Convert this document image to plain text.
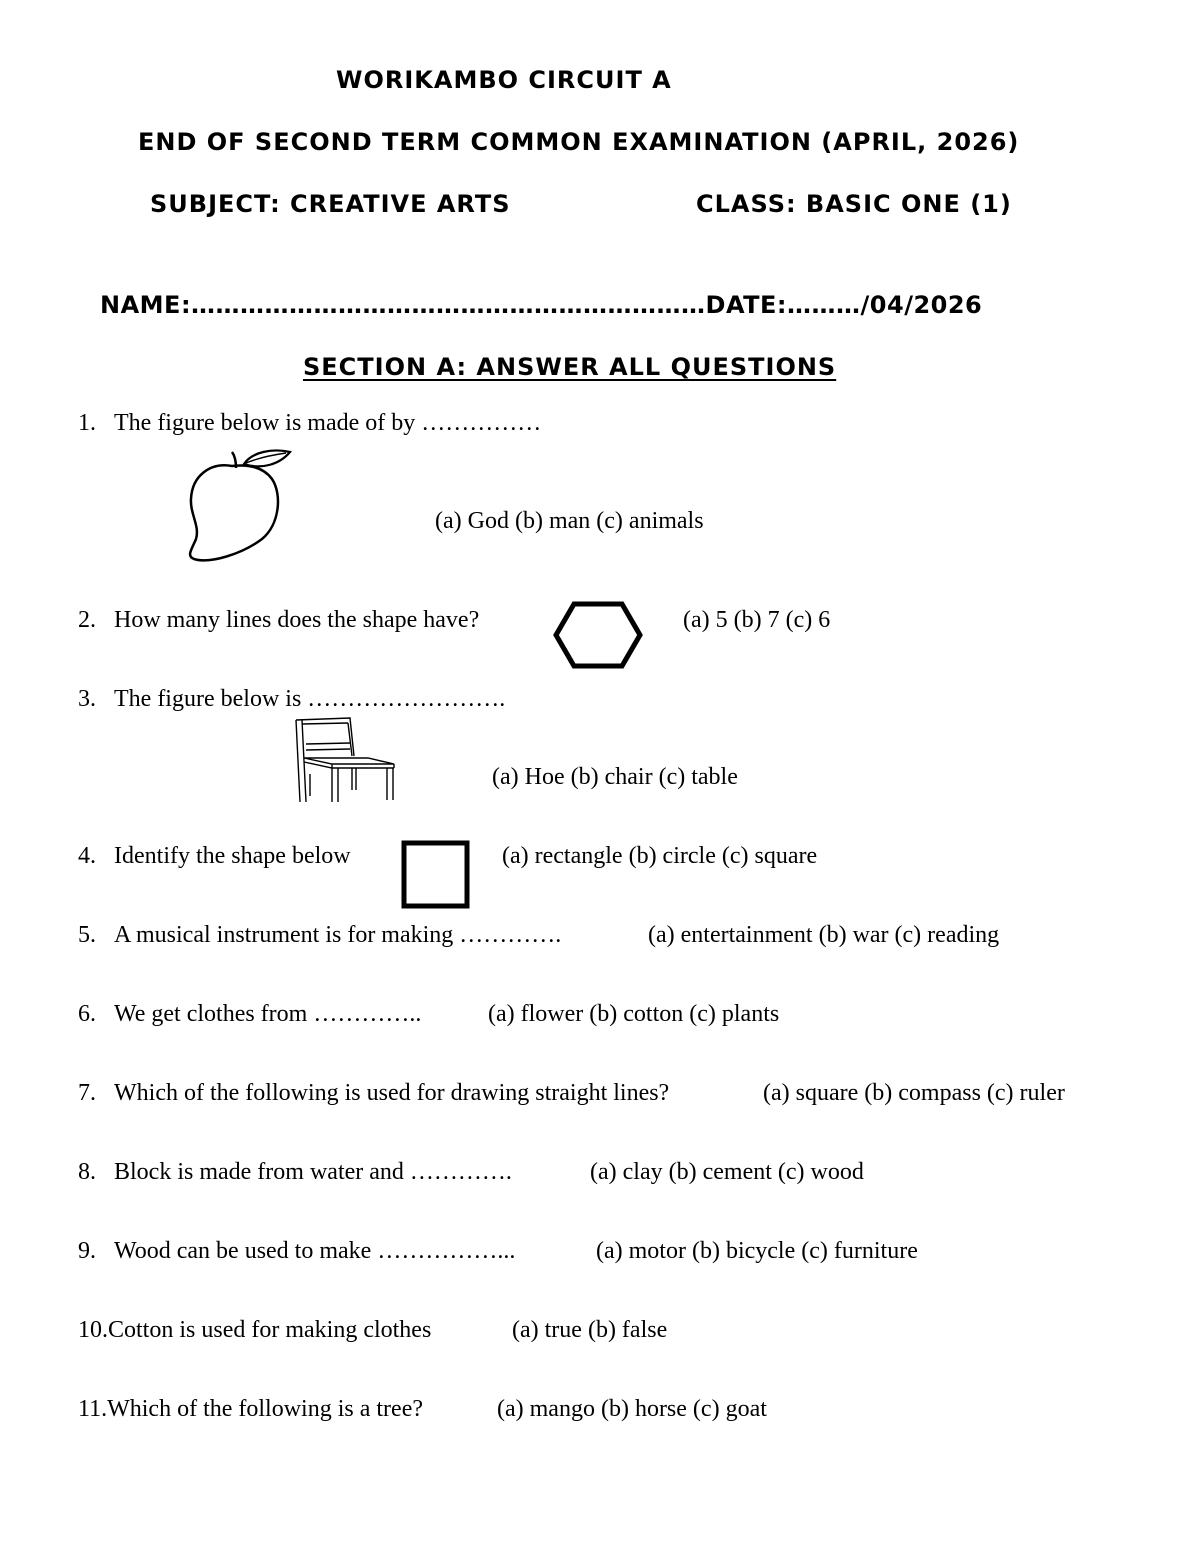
WORIKAMBO CIRCUIT A
END OF SECOND TERM COMMON EXAMINATION (APRIL, 2026)
SUBJECT: CREATIVE ARTS	CLASS: BASIC ONE (1)
NAME:………………………………………………………DATE:………/04/2026
SECTION A: ANSWER ALL QUESTIONS
1. The figure below is made of by ……………
(a) God (b) man (c) animals
2. How many lines does the shape have?	(a) 5 (b) 7 (c) 6
3. The figure below is …………………….
(a) Hoe (b) chair (c) table
4. Identify the shape below	(a) rectangle (b) circle (c) square
5. A musical instrument is for making ………….	(a) entertainment (b) war (c) reading
6. We get clothes from …………..	(a) flower (b) cotton (c) plants
7. Which of the following is used for drawing straight lines?	(a) square (b) compass (c) ruler
8. Block is made from water and ………….	(a) clay (b) cement (c) wood
9. Wood can be used to make ……………...	(a) motor (b) bicycle (c) furniture
10.Cotton is used for making clothes	(a) true (b) false
11.Which of the following is a tree?	(a) mango (b) horse (c) goat
